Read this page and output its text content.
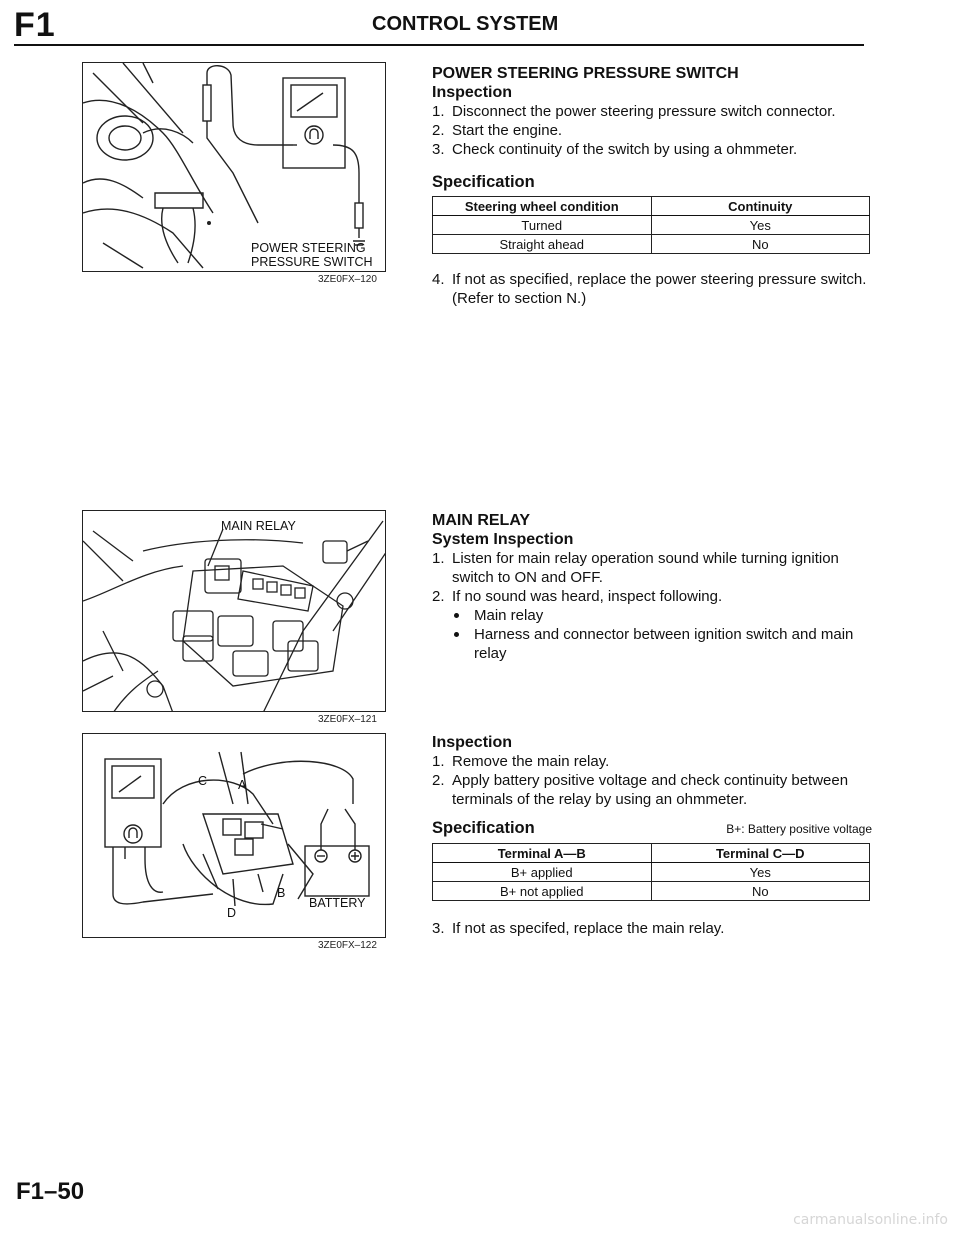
F1	CONTROL SYSTEM
POWER STEERING
PRESSURE SWITCH
3ZE0FX–120
MAIN RELAY
3ZE0FX–121
C A
B
D
BATTERY
3ZE0FX–122
POWER STEERING PRESSURE SWITCH
Inspection
1. Disconnect the power steering pressure switch connector.
2. Start the engine.
3. Check continuity of the switch by using a ohmmeter.
Specification
Steering wheel condition	Continuity
Turned	Yes
Straight ahead	No
4. If not as specified, replace the power steering pressure switch. (Refer to section N.)
MAIN RELAY
System Inspection
1. Listen for main relay operation sound while turning ignition switch to ON and OFF.
2. If no sound was heard, inspect following.
Main relay
Harness and connector between ignition switch and main relay
Inspection
1. Remove the main relay.
2. Apply battery positive voltage and check continuity between terminals of the relay by using an ohmmeter.
Specification	B+: Battery positive voltage
Terminal A—B	Terminal C—D
B+ applied	Yes
B+ not applied	No
3. If not as specifed, replace the main relay.
F1–50
carmanualsonline.info
